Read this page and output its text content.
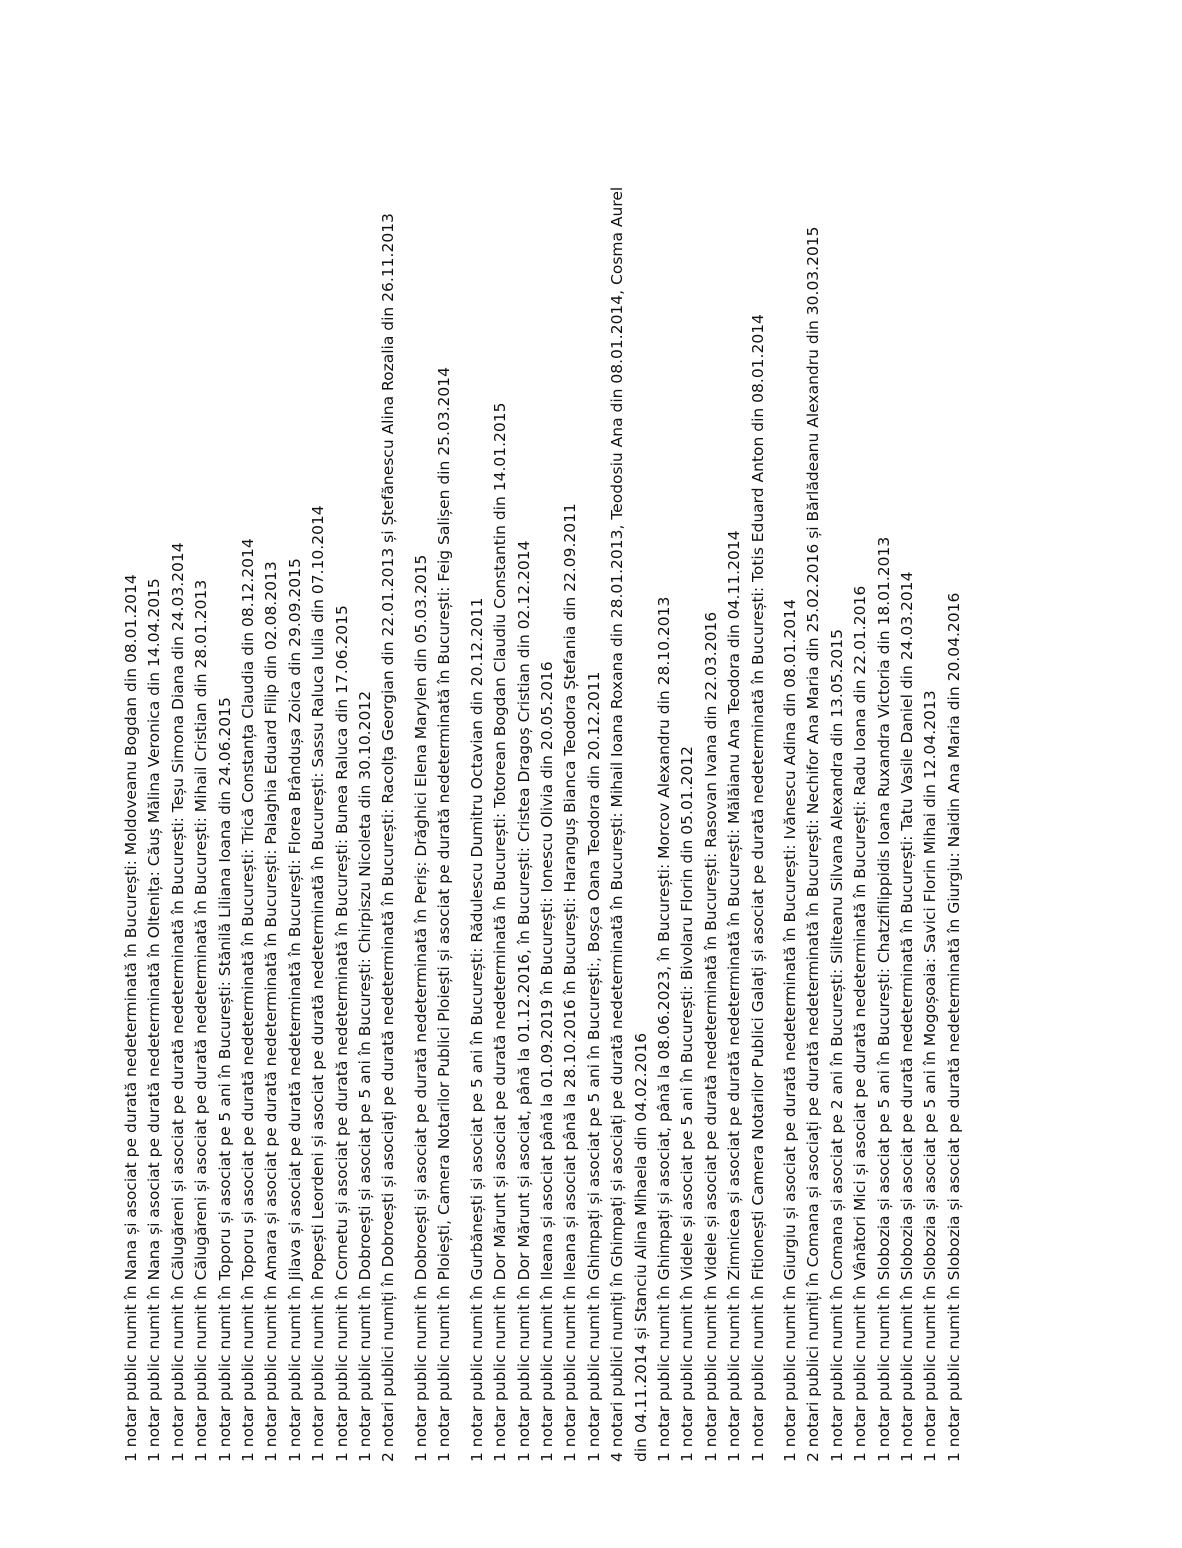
1 notar public numit în Nana și asociat pe durată nedeterminată în București: Moldoveanu Bogdan din 08.01.2014 1 notar public numit în Nana și asociat pe durată nedeterminată în Oltenița: Căuș Mălina Veronica din 14.04.2015 1 notar public numit în Călugăreni și asociat pe durată nedeterminată în București: Teșu Simona Diana din 24.03.2014 1 notar public numit în Călugăreni și asociat pe durată nedeterminată în București: Mihail Cristian din 28.01.2013 1 notar public numit în Toporu și asociat pe 5 ani în București: Stănilă Liliana Ioana din 24.06.2015 1 notar public numit în Toporu și asociat pe durată nedeterminată în București: Trică Constanța Claudia din 08.12.2014 1 notar public numit în Amara și asociat pe durată nedeterminată în București: Palaghia Eduard Filip din 02.08.2013 1 notar public numit în Jilava și asociat pe durată nedeterminată în București: Florea Brândușa Zoica din 29.09.2015 1 notar public numit în Popești Leordeni și asociat pe durată nedeterminată în București: Sassu Raluca Iulia din 07.10.2014 1 notar public numit în Cornetu și asociat pe durată nedeterminată în București: Bunea Raluca din 17.06.2015 1 notar public numit în Dobroești și asociat pe 5 ani în București: Chirpiszu Nicoleta din 30.10.2012 2 notari publici numiți în Dobroești și asociați pe durată nedeterminată în București: Racolța Georgian din 22.01.2013 și Ștefănescu Alina Rozalia din 26.11.2013 1 notar public numit în Dobroești și asociat pe durată nedeterminată în Periș: Drăghici Elena Marylen din 05.03.2015 1 notar public numit în Ploiești, Camera Notarilor Publici Ploiești și asociat pe durată nedeterminată în București: Feig Salișen din 25.03.2014 1 notar public numit în Gurbănești și asociat pe 5 ani în București: Rădulescu Dumitru Octavian din 20.12.2011 1 notar public numit în Dor Mărunt și asociat pe durată nedeterminată în București: Totorean Bogdan Claudiu Constantin din 14.01.2015 1 notar public numit în Dor Mărunt și asociat, până la 01.12.2016, în București: Cristea Dragoș Cristian din 02.12.2014 1 notar public numit în Ileana și asociat până la 01.09.2019 în București: Ionescu Olivia din 20.05.2016 1 notar public numit în Ileana și asociat până la 28.10.2016 în București: Haranguș Bianca Teodora Ștefania din 22.09.2011 1 notar public numit în Ghimpați și asociat pe 5 ani în București:, Boșca Oana Teodora din 20.12.2011 4 notari publici numiți în Ghimpați și asociați pe durată nedeterminată în București: Mihail Ioana Roxana din 28.01.2013, Teodosiu Ana din 08.01.2014, Cosma Aurel din 04.11.2014 și Stanciu Alina Mihaela din 04.02.2016 1 notar public numit în Ghimpați și asociat, până la 08.06.2023, în București: Morcov Alexandru din 28.10.2013 1 notar public numit în Videle și asociat pe 5 ani în București: Bivolaru Florin din 05.01.2012 1 notar public numit în Videle și asociat pe durată nedeterminată în București: Rasovan Ivana din 22.03.2016 1 notar public numit în Zimnicea și asociat pe durată nedeterminată în București: Mălăianu Ana Teodora din 04.11.2014 1 notar public numit în Fitionești Camera Notarilor Publici Galați și asociat pe durată nedeterminată în București: Totis Eduard Anton din 08.01.2014 1 notar public numit în Giurgiu și asociat pe durată nedeterminată în București: Ivănescu Adina din 08.01.2014 2 notari publici numiți în Comana și asociați pe durată nedeterminată în București: Nechifor Ana Maria din 25.02.2016 și Bărlădeanu Alexandru din 30.03.2015 1 notar public numit în Comana și asociat pe 2 ani în București: Siliteanu Silvana Alexandra din 13.05.2015 1 notar public numit în Vânători Mici și asociat pe durată nedeterminată în București: Radu Ioana din 22.01.2016 1 notar public numit în Slobozia și asociat pe 5 ani în București: Chatzifilippidis Ioana Ruxandra Victoria din 18.01.2013 1 notar public numit în Slobozia și asociat pe durată nedeterminată în București: Tatu Vasile Daniel din 24.03.2014 1 notar public numit în Slobozia și asociat pe 5 ani în Mogoșoaia: Savici Florin Mihai din 12.04.2013 1 notar public numit în Slobozia și asociat pe durată nedeterminată în Giurgiu: Naidin Ana Maria din 20.04.2016
